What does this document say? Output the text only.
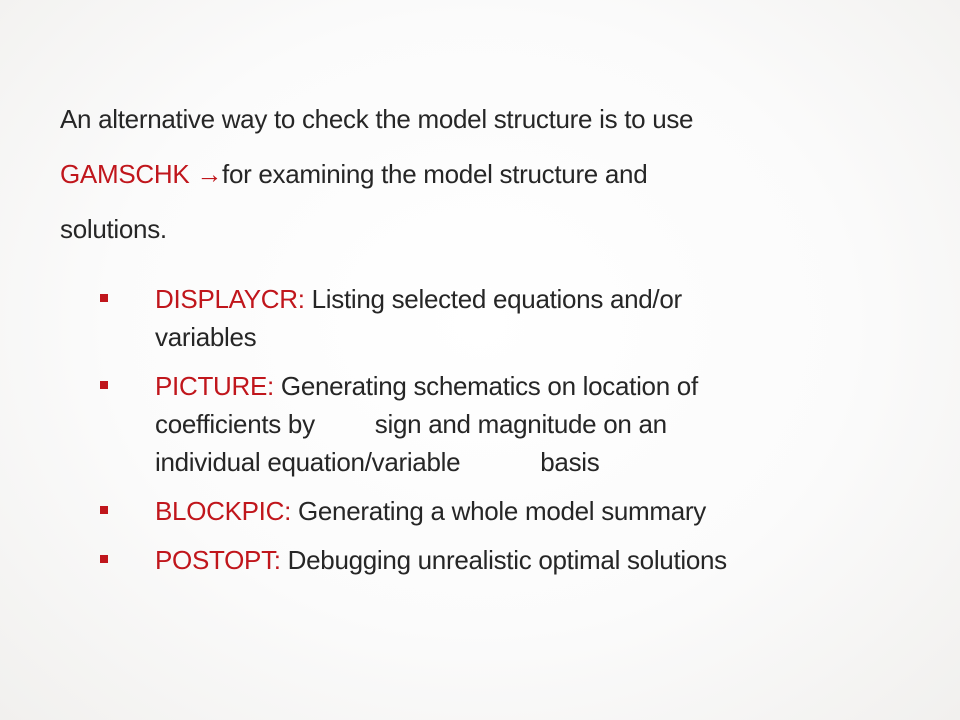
An alternative way to check the model structure is to use
GAMSCHK →for examining the model structure and
solutions.
DISPLAYCR: Listing selected equations and/or
variables
PICTURE: Generating schematics on location of
coefficients by sign and magnitude on an
individual equation/variable	basis
BLOCKPIC: Generating a whole model summary
POSTOPT: Debugging unrealistic optimal solutions
